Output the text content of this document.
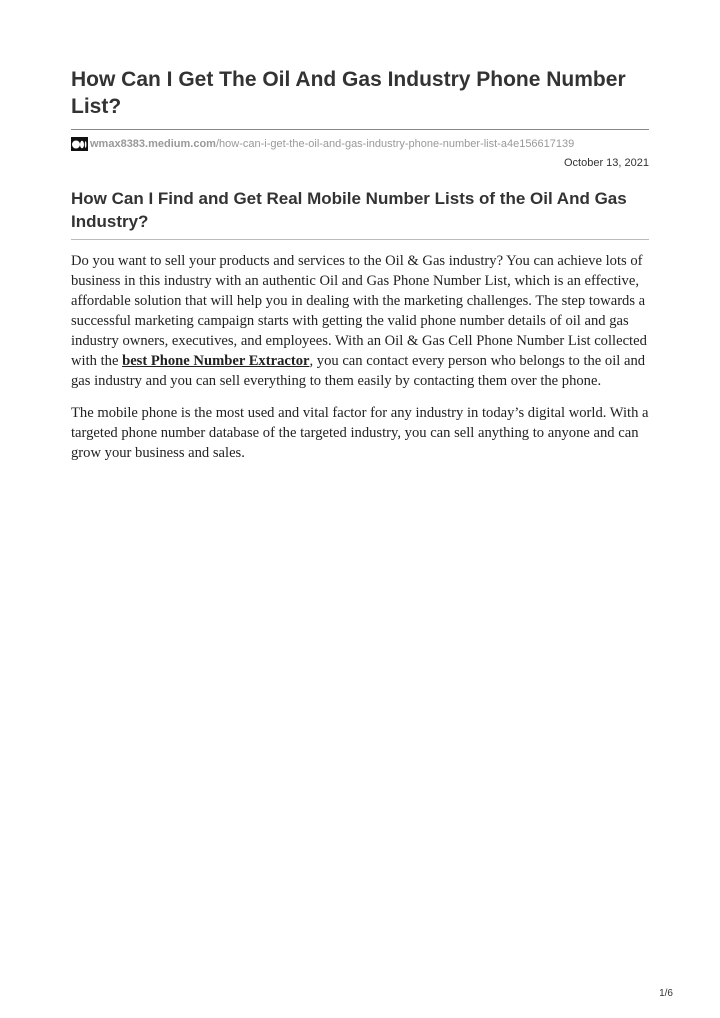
How Can I Get The Oil And Gas Industry Phone Number List?
wmax8383.medium.com /how-can-i-get-the-oil-and-gas-industry-phone-number-list-a4e156617139
October 13, 2021
How Can I Find and Get Real Mobile Number Lists of the Oil And Gas Industry?

Do you want to sell your products and services to the Oil & Gas industry? You can achieve lots of business in this industry with an authentic Oil and Gas Phone Number List, which is an effective, affordable solution that will help you in dealing with the marketing challenges. The step towards a successful marketing campaign starts with getting the valid phone number details of oil and gas industry owners, executives, and employees. With an Oil & Gas Cell Phone Number List collected with the best Phone Number Extractor, you can contact every person who belongs to the oil and gas industry and you can sell everything to them easily by contacting them over the phone.

The mobile phone is the most used and vital factor for any industry in today’s digital world. With a targeted phone number database of the targeted industry, you can sell anything to anyone and can grow your business and sales.

1/6
